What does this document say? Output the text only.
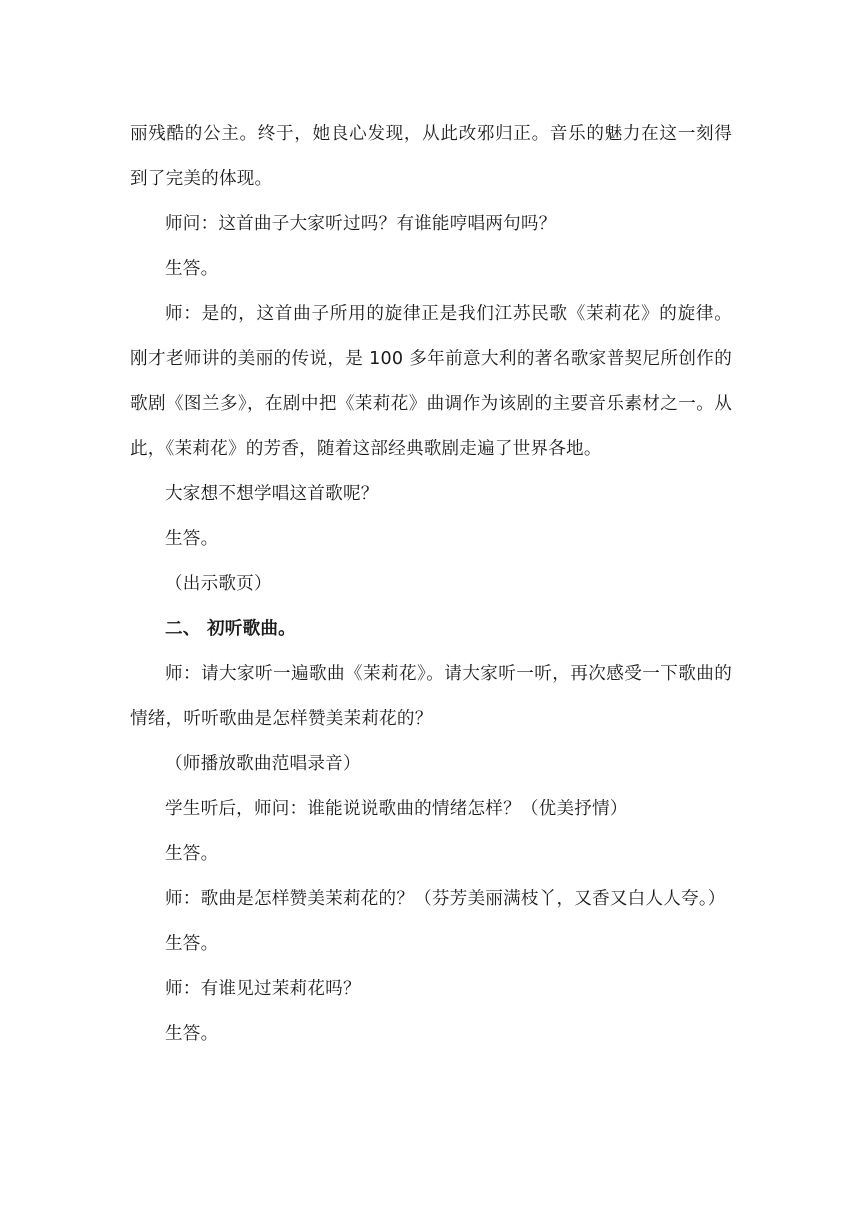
丽残酷的公主。终于，她良心发现，从此改邪归正。音乐的魅力在这一刻得到了完美的体现。

师问：这首曲子大家听过吗？有谁能哼唱两句吗？

生答。

师：是的，这首曲子所用的旋律正是我们江苏民歌《茉莉花》的旋律。刚才老师讲的美丽的传说，是 100 多年前意大利的著名歌家普契尼所创作的歌剧《图兰多》，在剧中把《茉莉花》曲调作为该剧的主要音乐素材之一。从此，《茉莉花》的芳香，随着这部经典歌剧走遍了世界各地。

大家想不想学唱这首歌呢？

生答。

（出示歌页）

二、 初听歌曲。

师：请大家听一遍歌曲《茉莉花》。请大家听一听，再次感受一下歌曲的情绪，听听歌曲是怎样赞美茉莉花的？

（师播放歌曲范唱录音）

学生听后，师问：谁能说说歌曲的情绪怎样？（优美抒情）

生答。

师：歌曲是怎样赞美茉莉花的？（芬芳美丽满枝丫，又香又白人人夸。）

生答。

师：有谁见过茉莉花吗？

生答。
